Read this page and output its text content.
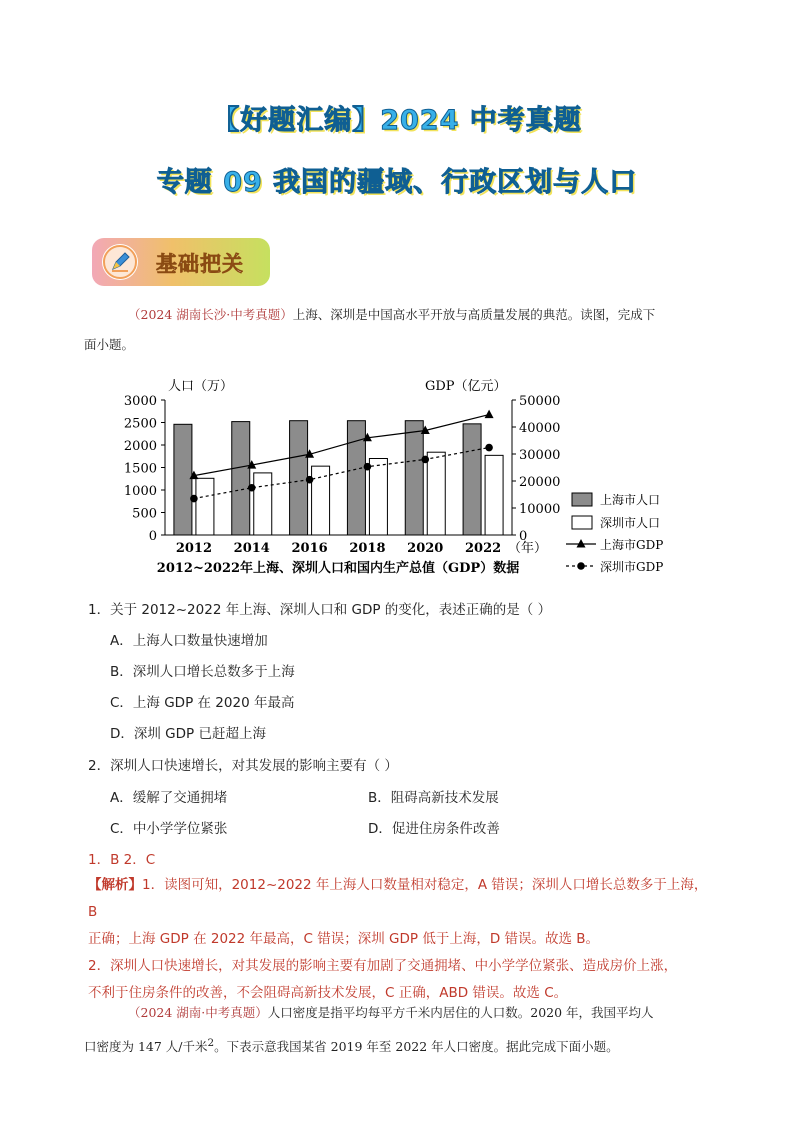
【好题汇编】2024 中考真题
专题 09 我国的疆域、行政区划与人口
基础把关
（2024 湖南长沙·中考真题）上海、深圳是中国高水平开放与高质量发展的典范。读图，完成下
面小题。
0
500
1000
1500
2000
2500
3000
0
10000
20000
30000
40000
50000
人口（万）	GDP（亿元）
2012 2014 2016 2018 2020 2022 （年）
2012~2022年上海、深圳人口和国内生产总值（GDP）数据
上海市人口
深圳市人口
上海市GDP
深圳市GDP
1．关于 2012~2022 年上海、深圳人口和 GDP 的变化，表述正确的是（ ）
A．上海人口数量快速增加
B．深圳人口增长总数多于上海
C．上海 GDP 在 2020 年最高
D．深圳 GDP 已赶超上海
2．深圳人口快速增长，对其发展的影响主要有（ ）
A．缓解了交通拥堵	B．阻碍高新技术发展
C．中小学学位紧张	D．促进住房条件改善
1．B 2．C
【解析】1．读图可知，2012~2022 年上海人口数量相对稳定，A 错误；深圳人口增长总数多于上海，B
正确；上海 GDP 在 2022 年最高，C 错误；深圳 GDP 低于上海，D 错误。故选 B。
2．深圳人口快速增长，对其发展的影响主要有加剧了交通拥堵、中小学学位紧张、造成房价上涨，
不利于住房条件的改善，不会阻碍高新技术发展，C 正确，ABD 错误。故选 C。
（2024 湖南·中考真题）人口密度是指平均每平方千米内居住的人口数。2020 年，我国平均人
口密度为 147 人/千米$^2$。下表示意我国某省 2019 年至 2022 年人口密度。据此完成下面小题。
